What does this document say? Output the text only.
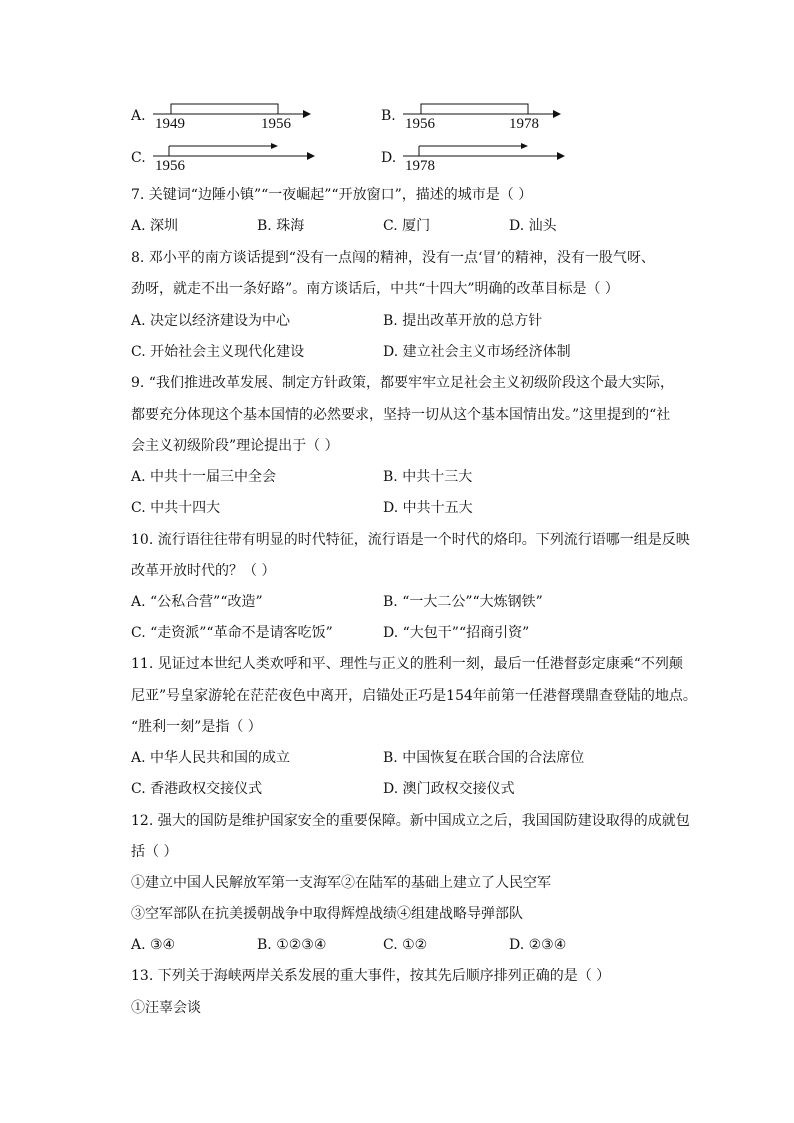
A. 1949	1956	B. 1956	1978
C. 1956	D. 1978
7. 关键词“边陲小镇”“一夜崛起”“开放窗口”，描述的城市是（ ）
A. 深圳	B. 珠海	C. 厦门	D. 汕头
8. 邓小平的南方谈话提到“没有一点闯的精神，没有一点‘冒’的精神，没有一股气呀、
劲呀，就走不出一条好路”。南方谈话后，中共“十四大”明确的改革目标是（ ）
A. 决定以经济建设为中心	B. 提出改革开放的总方针
C. 开始社会主义现代化建设	D. 建立社会主义市场经济体制
9. “我们推进改革发展、制定方针政策，都要牢牢立足社会主义初级阶段这个最大实际，
都要充分体现这个基本国情的必然要求，坚持一切从这个基本国情出发。”这里提到的“社
会主义初级阶段”理论提出于（ ）
A. 中共十一届三中全会	B. 中共十三大
C. 中共十四大	D. 中共十五大
10. 流行语往往带有明显的时代特征，流行语是一个时代的烙印。下列流行语哪一组是反映
改革开放时代的？（ ）
A. “公私合营”“改造”	B. “一大二公”“大炼钢铁”
C. “走资派”“革命不是请客吃饭”	D. “大包干”“招商引资”
11. 见证过本世纪人类欢呼和平、理性与正义的胜利一刻，最后一任港督彭定康乘“不列颠
尼亚”号皇家游轮在茫茫夜色中离开，启锚处正巧是154年前第一任港督璞鼎查登陆的地点。
“胜利一刻”是指（ ）
A. 中华人民共和国的成立	B. 中国恢复在联合国的合法席位
C. 香港政权交接仪式	D. 澳门政权交接仪式
12. 强大的国防是维护国家安全的重要保障。新中国成立之后，我国国防建设取得的成就包
括（ ）
①建立中国人民解放军第一支海军②在陆军的基础上建立了人民空军
③空军部队在抗美援朝战争中取得辉煌战绩④组建战略导弹部队
A. ③④	B. ①②③④	C. ①②	D. ②③④
13. 下列关于海峡两岸关系发展的重大事件，按其先后顺序排列正确的是（ ）
①汪辜会谈
